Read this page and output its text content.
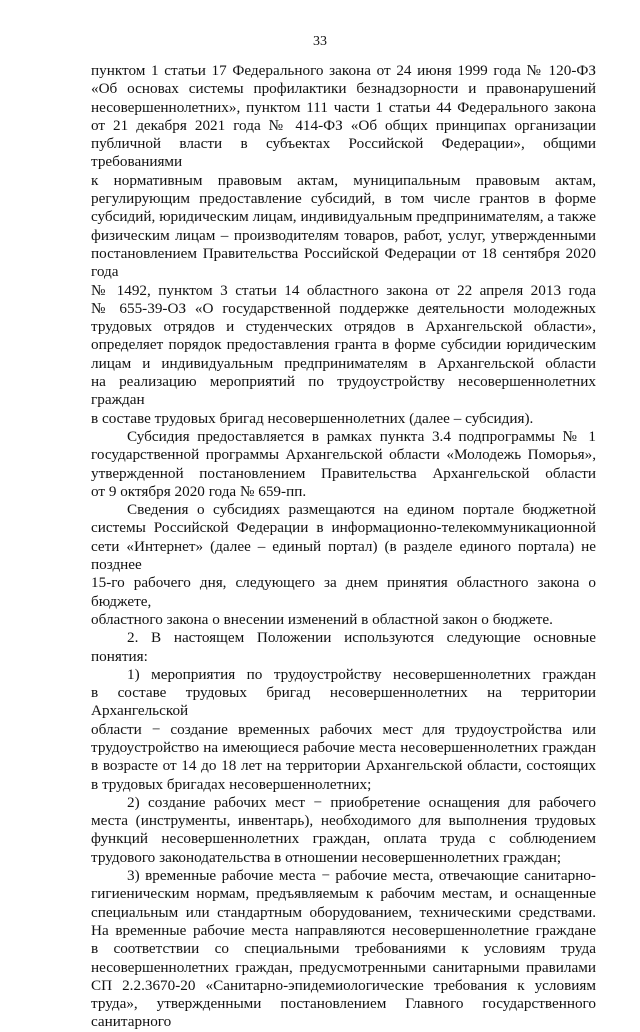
33

пунктом 1 статьи 17 Федерального закона от 24 июня 1999 года № 120-ФЗ

«Об основах системы профилактики безнадзорности и правонарушений

несовершеннолетних», пунктом 111 части 1 статьи 44 Федерального закона

от 21 декабря 2021 года № 414-ФЗ «Об общих принципах организации

публичной власти в субъектах Российской Федерации», общими требованиями

к нормативным правовым актам, муниципальным правовым актам,

регулирующим предоставление субсидий, в том числе грантов в форме

субсидий, юридическим лицам, индивидуальным предпринимателям, а также

физическим лицам – производителям товаров, работ, услуг, утвержденными

постановлением Правительства Российской Федерации от 18 сентября 2020 года

№ 1492, пунктом 3 статьи 14 областного закона от 22 апреля 2013 года

№ 655-39-ОЗ «О государственной поддержке деятельности молодежных

трудовых отрядов и студенческих отрядов в Архангельской области»,

определяет порядок предоставления гранта в форме субсидии юридическим

лицам и индивидуальным предпринимателям в Архангельской области

на реализацию мероприятий по трудоустройству несовершеннолетних граждан

в составе трудовых бригад несовершеннолетних (далее – субсидия).

Субсидия предоставляется в рамках пункта 3.4 подпрограммы № 1

государственной программы Архангельской области «Молодежь Поморья»,

утвержденной постановлением Правительства Архангельской области

от 9 октября 2020 года № 659-пп.

Сведения о субсидиях размещаются на едином портале бюджетной

системы Российской Федерации в информационно-телекоммуникационной

сети «Интернет» (далее – единый портал) (в разделе единого портала) не позднее

15-го рабочего дня, следующего за днем принятия областного закона о бюджете,

областного закона о внесении изменений в областной закон о бюджете.

2. В настоящем Положении используются следующие основные понятия:

1) мероприятия по трудоустройству несовершеннолетних граждан

в составе трудовых бригад несовершеннолетних на территории Архангельской

области − создание временных рабочих мест для трудоустройства или

трудоустройство на имеющиеся рабочие места несовершеннолетних граждан

в возрасте от 14 до 18 лет на территории Архангельской области, состоящих

в трудовых бригадах несовершеннолетних;

2) создание рабочих мест − приобретение оснащения для рабочего

места (инструменты, инвентарь), необходимого для выполнения трудовых

функций несовершеннолетних граждан, оплата труда с соблюдением

трудового законодательства в отношении несовершеннолетних граждан;

3) временные рабочие места − рабочие места, отвечающие санитарно-

гигиеническим нормам, предъявляемым к рабочим местам, и оснащенные

специальным или стандартным оборудованием, техническими средствами.

На временные рабочие места направляются несовершеннолетние граждане

в соответствии со специальными требованиями к условиям труда

несовершеннолетних граждан, предусмотренными санитарными правилами

СП 2.2.3670-20 «Санитарно-эпидемиологические требования к условиям

труда», утвержденными постановлением Главного государственного санитарного
